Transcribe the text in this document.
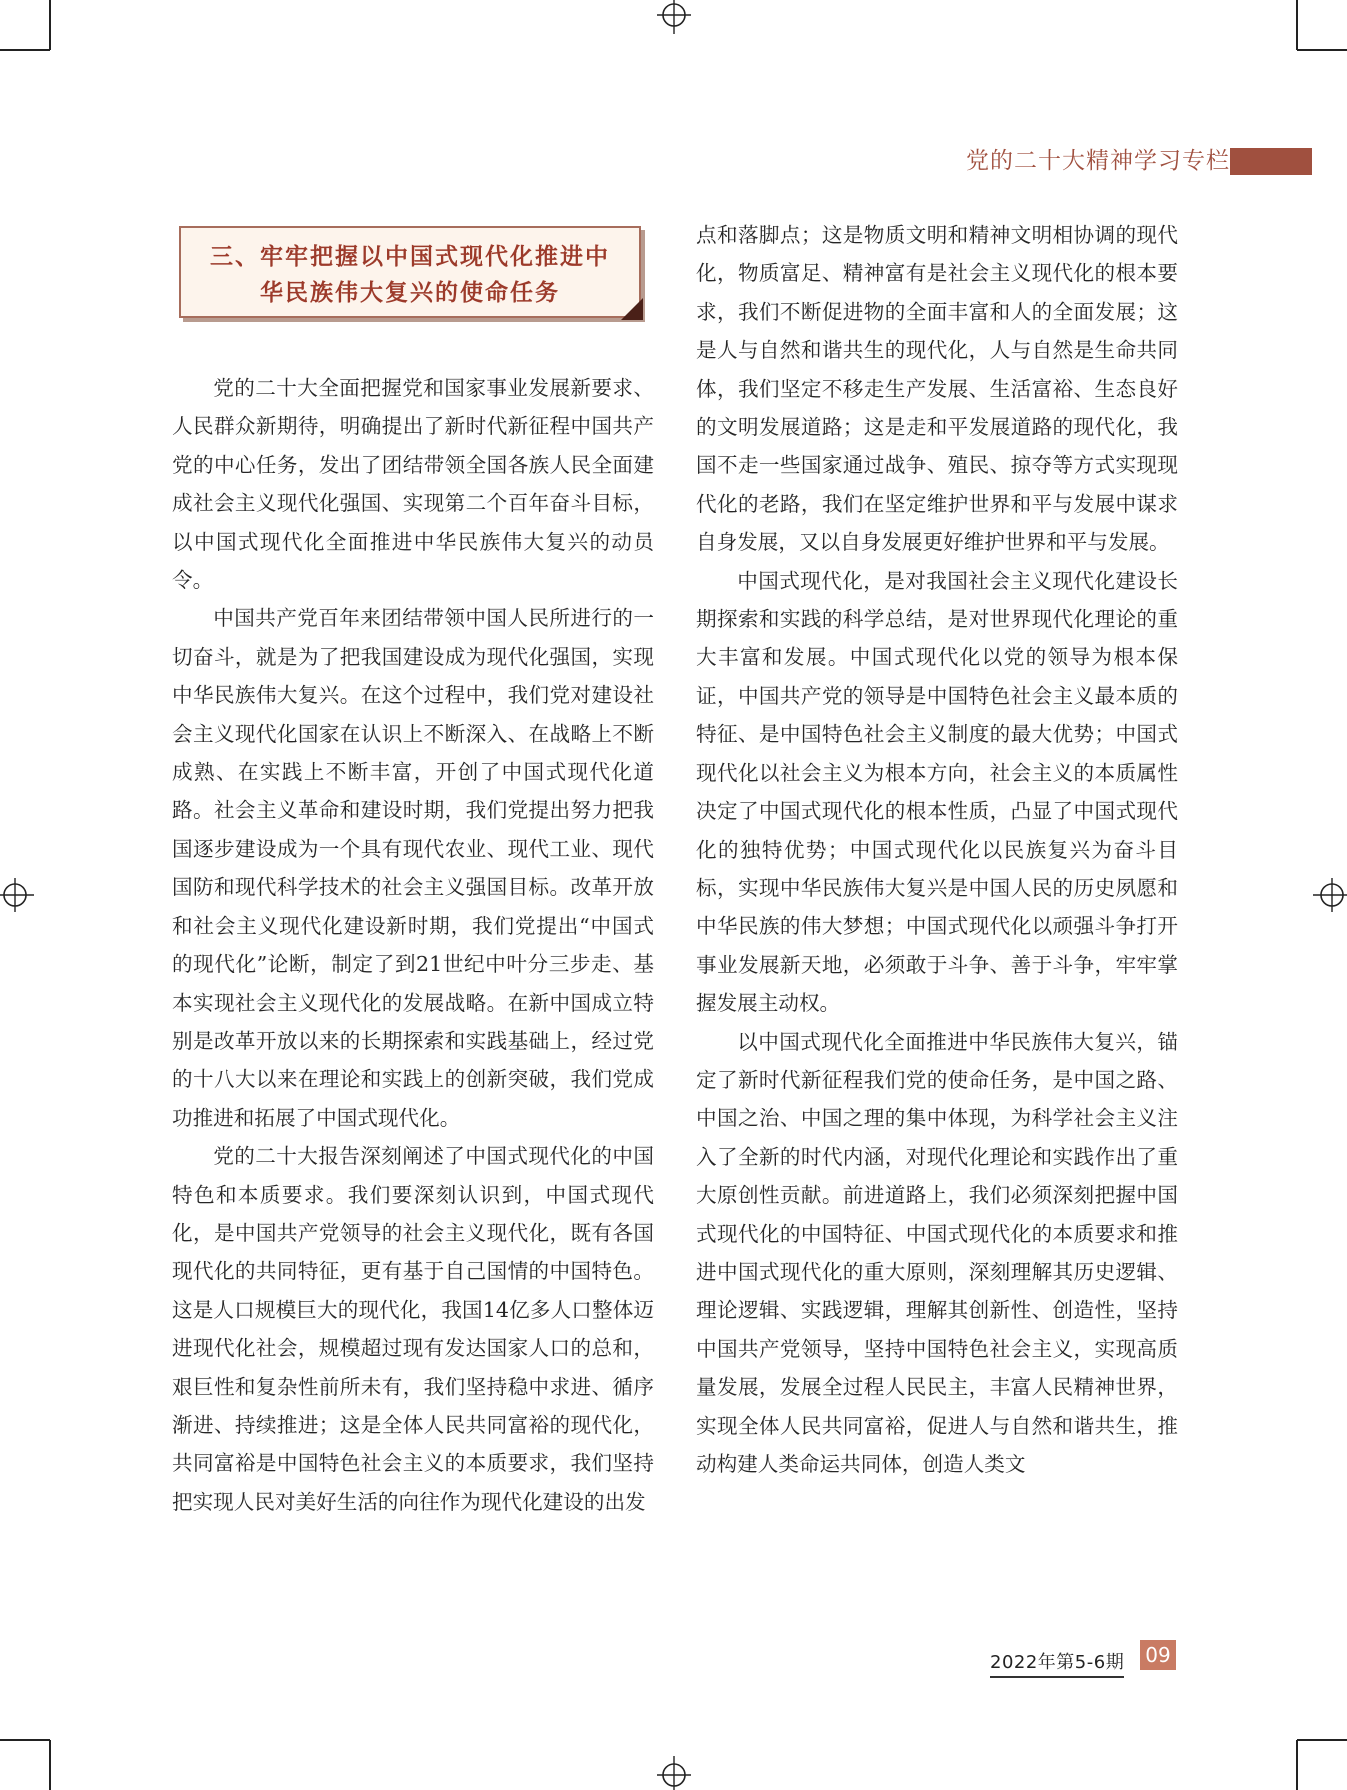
党的二十大精神学习专栏
三、牢牢把握以中国式现代化推进中
华民族伟大复兴的使命任务

党的二十大全面把握党和国家事业发展新要求、人民群众新期待，明确提出了新时代新征程中国共产党的中心任务，发出了团结带领全国各族人民全面建成社会主义现代化强国、实现第二个百年奋斗目标，以中国式现代化全面推进中华民族伟大复兴的动员令。

中国共产党百年来团结带领中国人民所进行的一切奋斗，就是为了把我国建设成为现代化强国，实现中华民族伟大复兴。在这个过程中，我们党对建设社会主义现代化国家在认识上不断深入、在战略上不断成熟、在实践上不断丰富，开创了中国式现代化道路。社会主义革命和建设时期，我们党提出努力把我国逐步建设成为一个具有现代农业、现代工业、现代国防和现代科学技术的社会主义强国目标。改革开放和社会主义现代化建设新时期，我们党提出“中国式的现代化”论断，制定了到21世纪中叶分三步走、基本实现社会主义现代化的发展战略。在新中国成立特别是改革开放以来的长期探索和实践基础上，经过党的十八大以来在理论和实践上的创新突破，我们党成功推进和拓展了中国式现代化。

党的二十大报告深刻阐述了中国式现代化的中国特色和本质要求。我们要深刻认识到，中国式现代化，是中国共产党领导的社会主义现代化，既有各国现代化的共同特征，更有基于自己国情的中国特色。这是人口规模巨大的现代化，我国14亿多人口整体迈进现代化社会，规模超过现有发达国家人口的总和，艰巨性和复杂性前所未有，我们坚持稳中求进、循序渐进、持续推进；这是全体人民共同富裕的现代化，共同富裕是中国特色社会主义的本质要求，我们坚持把实现人民对美好生活的向往作为现代化建设的出发

点和落脚点；这是物质文明和精神文明相协调的现代化，物质富足、精神富有是社会主义现代化的根本要求，我们不断促进物的全面丰富和人的全面发展；这是人与自然和谐共生的现代化，人与自然是生命共同体，我们坚定不移走生产发展、生活富裕、生态良好的文明发展道路；这是走和平发展道路的现代化，我国不走一些国家通过战争、殖民、掠夺等方式实现现代化的老路，我们在坚定维护世界和平与发展中谋求自身发展，又以自身发展更好维护世界和平与发展。

中国式现代化，是对我国社会主义现代化建设长期探索和实践的科学总结，是对世界现代化理论的重大丰富和发展。中国式现代化以党的领导为根本保证，中国共产党的领导是中国特色社会主义最本质的特征、是中国特色社会主义制度的最大优势；中国式现代化以社会主义为根本方向，社会主义的本质属性决定了中国式现代化的根本性质，凸显了中国式现代化的独特优势；中国式现代化以民族复兴为奋斗目标，实现中华民族伟大复兴是中国人民的历史夙愿和中华民族的伟大梦想；中国式现代化以顽强斗争打开事业发展新天地，必须敢于斗争、善于斗争，牢牢掌握发展主动权。

以中国式现代化全面推进中华民族伟大复兴，锚定了新时代新征程我们党的使命任务，是中国之路、中国之治、中国之理的集中体现，为科学社会主义注入了全新的时代内涵，对现代化理论和实践作出了重大原创性贡献。前进道路上，我们必须深刻把握中国式现代化的中国特征、中国式现代化的本质要求和推进中国式现代化的重大原则，深刻理解其历史逻辑、理论逻辑、实践逻辑，理解其创新性、创造性，坚持中国共产党领导，坚持中国特色社会主义，实现高质量发展，发展全过程人民民主，丰富人民精神世界，实现全体人民共同富裕，促进人与自然和谐共生，推动构建人类命运共同体，创造人类文

2022年第5-6期 09
